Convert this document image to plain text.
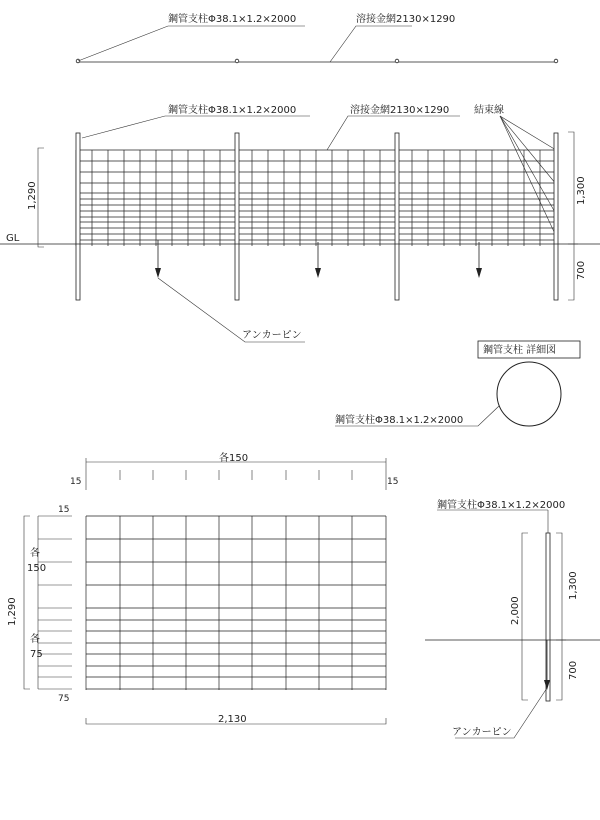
鋼管支柱Φ38.1×1.2×2000	溶接金網2130×1290
鋼管支柱Φ38.1×1.2×2000	溶接金網2130×1290 結束線
GL
1,290	1,300
700
アンカーピン
鋼管支柱 詳細図
鋼管支柱Φ38.1×1.2×2000
各150
15	15
1,290
15
各
150
各
75
75
2,130
鋼管支柱Φ38.1×1.2×2000
2,000
1,300
700
アンカーピン
